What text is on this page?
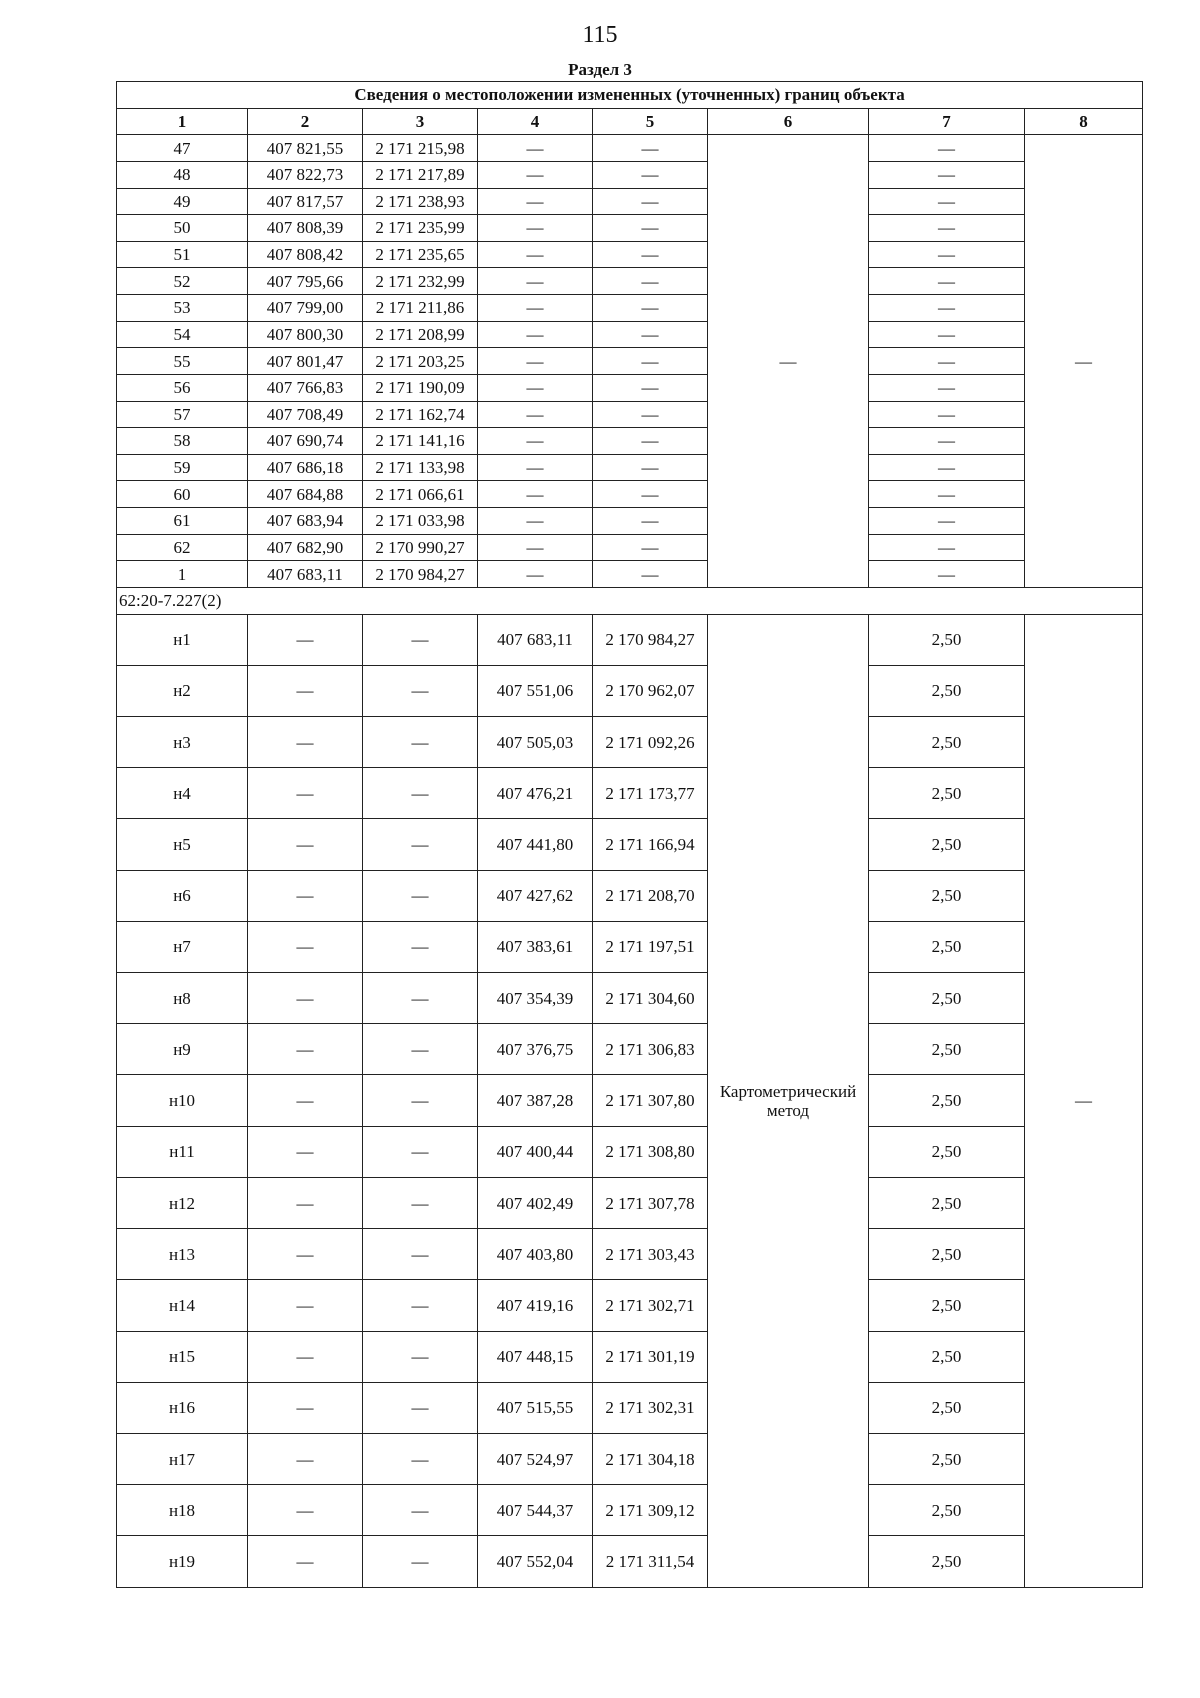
115
Раздел 3
Сведения о местоположении измененных (уточненных) границ объекта							
1	2	3	4	5	6	7	8
47	407 821,55	2 171 215,98	—	—	—	—	—
48	407 822,73	2 171 217,89	—	—		—	
49	407 817,57	2 171 238,93	—	—		—	
50	407 808,39	2 171 235,99	—	—		—	
51	407 808,42	2 171 235,65	—	—		—	
52	407 795,66	2 171 232,99	—	—		—	
53	407 799,00	2 171 211,86	—	—		—	
54	407 800,30	2 171 208,99	—	—		—	
55	407 801,47	2 171 203,25	—	—		—	
56	407 766,83	2 171 190,09	—	—		—	
57	407 708,49	2 171 162,74	—	—		—	
58	407 690,74	2 171 141,16	—	—		—	
59	407 686,18	2 171 133,98	—	—		—	
60	407 684,88	2 171 066,61	—	—		—	
61	407 683,94	2 171 033,98	—	—		—	
62	407 682,90	2 170 990,27	—	—		—	
1	407 683,11	2 170 984,27	—	—		—	
62:20-7.227(2)							
н1	—	—	407 683,11	2 170 984,27	Картометрический метод	2,50	—
н2	—	—	407 551,06	2 170 962,07		2,50	
н3	—	—	407 505,03	2 171 092,26		2,50	
н4	—	—	407 476,21	2 171 173,77		2,50	
н5	—	—	407 441,80	2 171 166,94		2,50	
н6	—	—	407 427,62	2 171 208,70		2,50	
н7	—	—	407 383,61	2 171 197,51		2,50	
н8	—	—	407 354,39	2 171 304,60		2,50	
н9	—	—	407 376,75	2 171 306,83		2,50	
н10	—	—	407 387,28	2 171 307,80		2,50	
н11	—	—	407 400,44	2 171 308,80		2,50	
н12	—	—	407 402,49	2 171 307,78		2,50	
н13	—	—	407 403,80	2 171 303,43		2,50	
н14	—	—	407 419,16	2 171 302,71		2,50	
н15	—	—	407 448,15	2 171 301,19		2,50	
н16	—	—	407 515,55	2 171 302,31		2,50	
н17	—	—	407 524,97	2 171 304,18		2,50	
н18	—	—	407 544,37	2 171 309,12		2,50	
н19	—	—	407 552,04	2 171 311,54		2,50	
